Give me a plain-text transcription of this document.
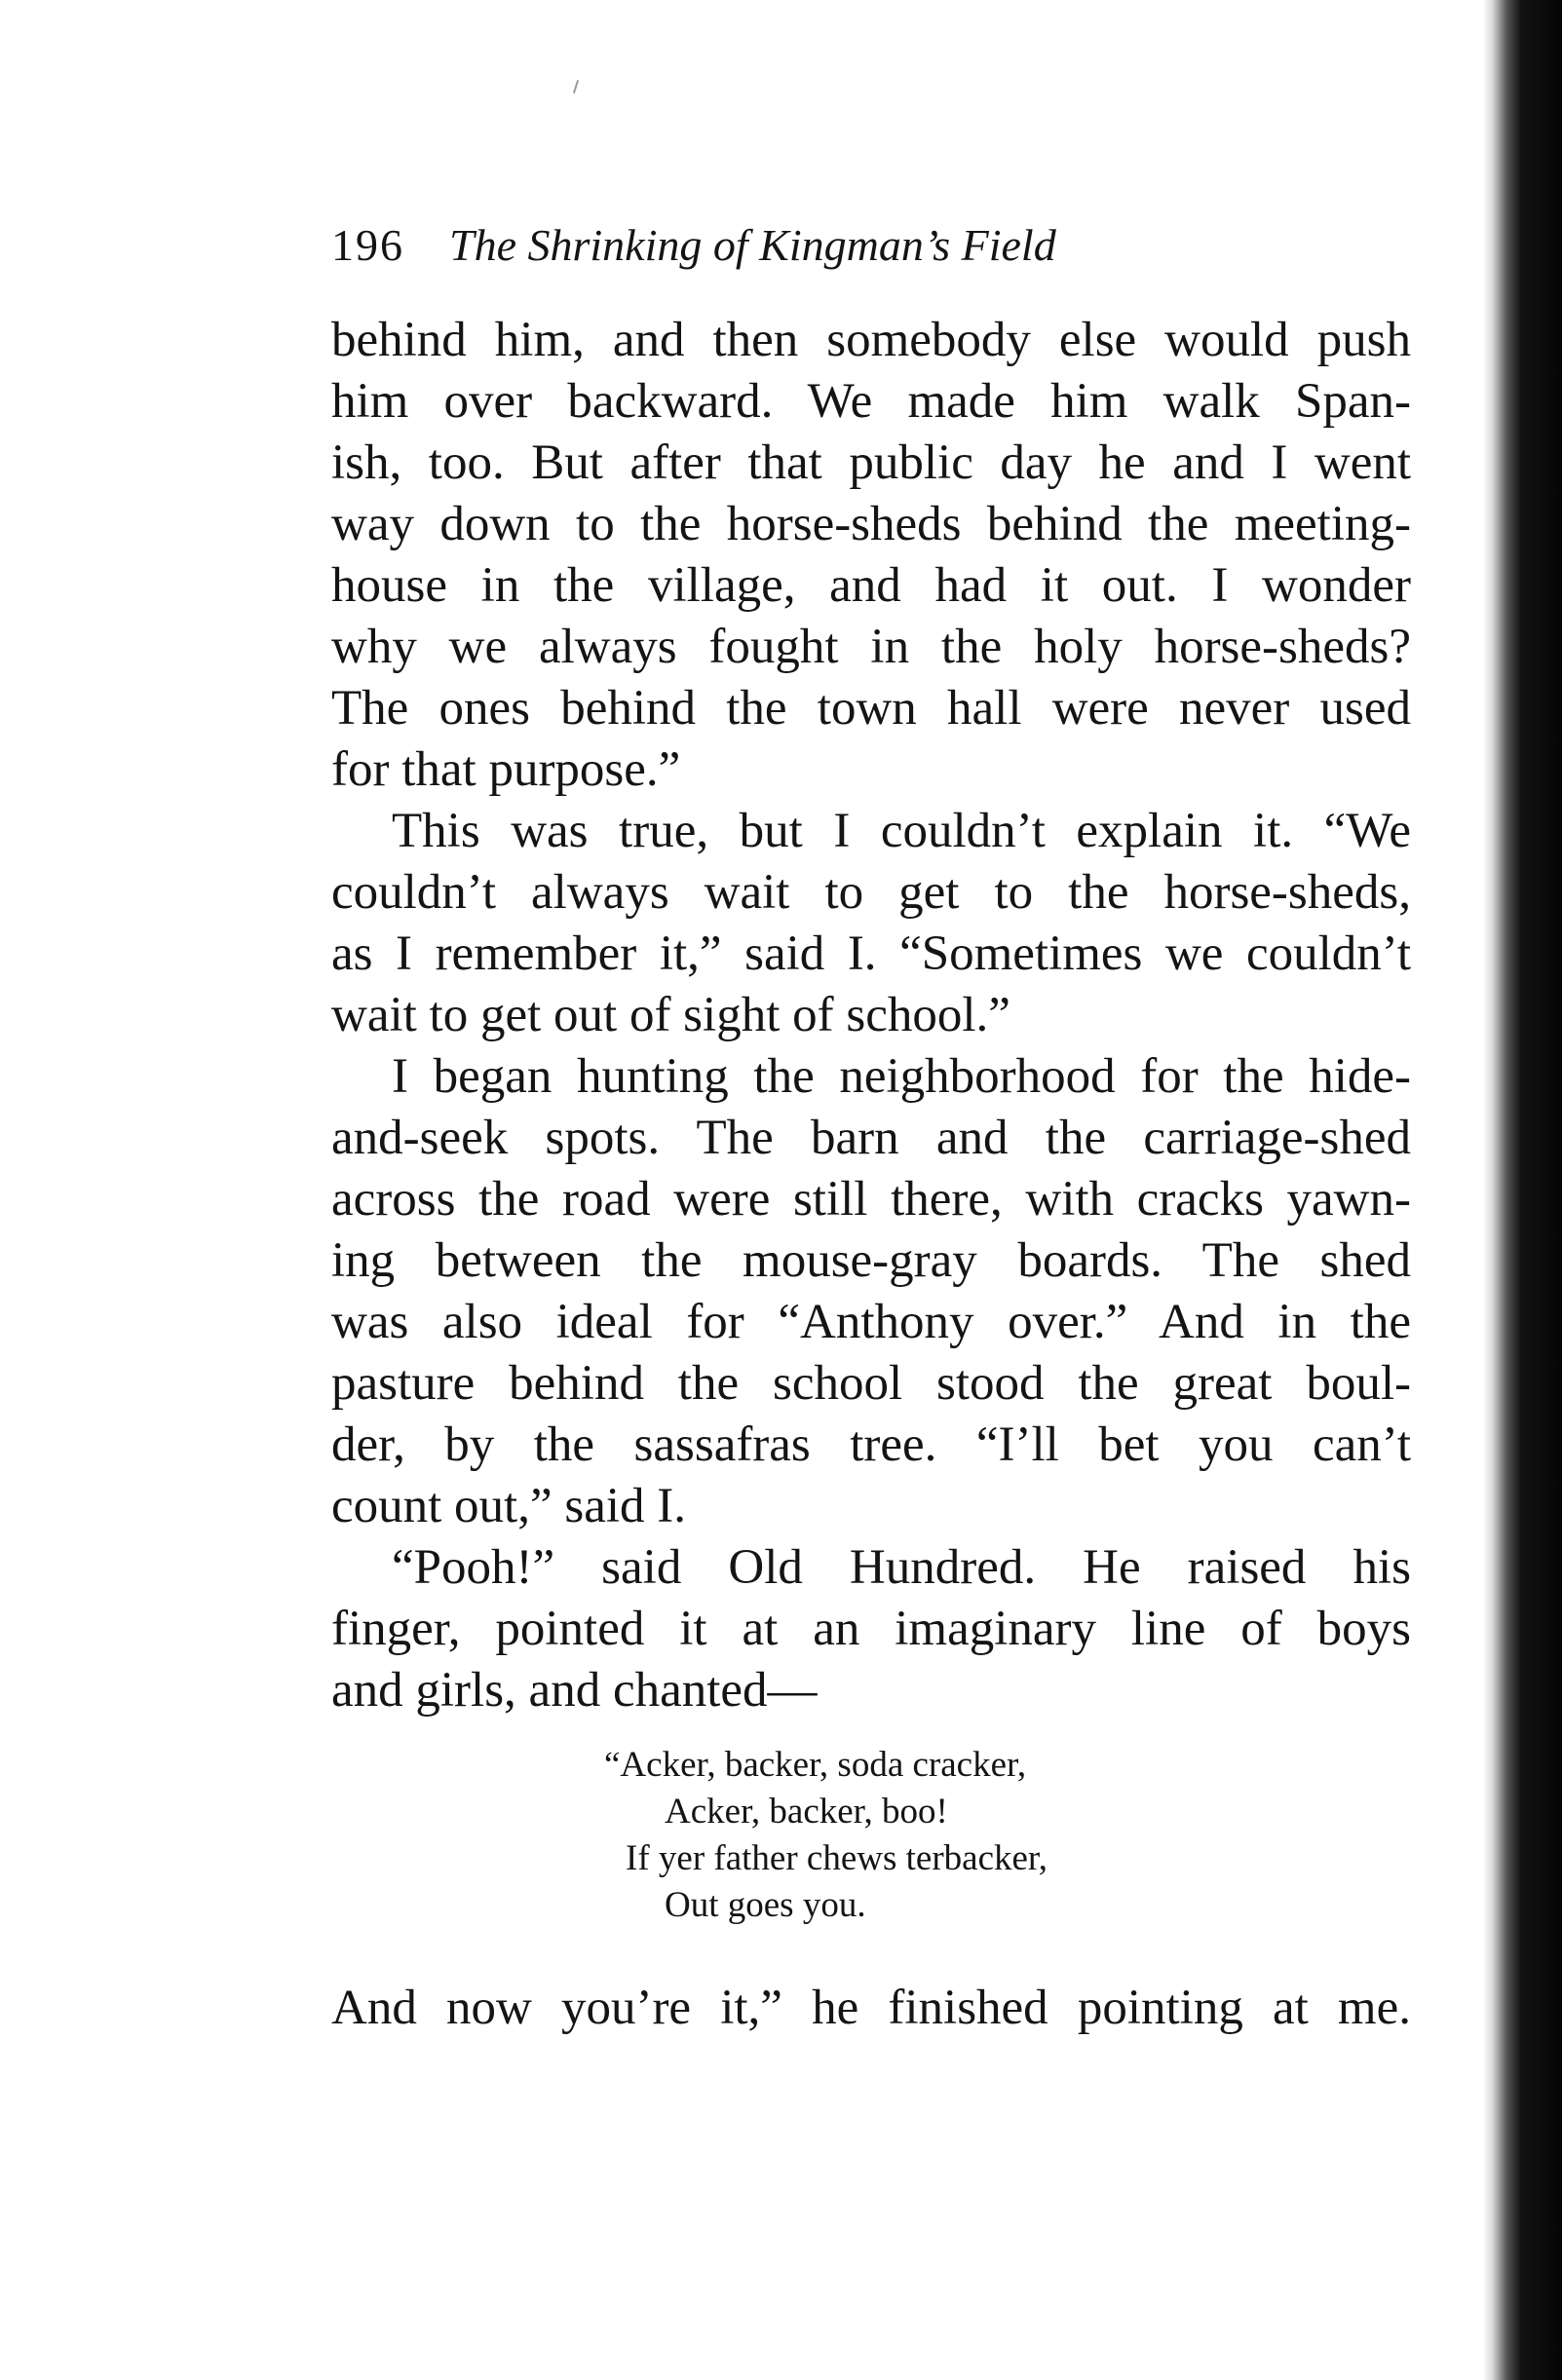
196 The Shrinking of Kingman’s Field

behind him, and then somebody else would push
him over backward. We made him walk Span-
ish, too. But after that public day he and I went
way down to the horse-sheds behind the meeting-
house in the village, and had it out. I wonder
why we always fought in the holy horse-sheds?
The ones behind the town hall were never used
for that purpose.”

This was true, but I couldn’t explain it. “We
couldn’t always wait to get to the horse-sheds,
as I remember it,” said I. “Sometimes we couldn’t
wait to get out of sight of school.”

I began hunting the neighborhood for the hide-
and-seek spots. The barn and the carriage-shed
across the road were still there, with cracks yawn-
ing between the mouse-gray boards. The shed
was also ideal for “Anthony over.” And in the
pasture behind the school stood the great boul-
der, by the sassafras tree. “I’ll bet you can’t
count out,” said I.

“Pooh!” said Old Hundred. He raised his
finger, pointed it at an imaginary line of boys
and girls, and chanted—

“Acker, backer, soda cracker,
Acker, backer, boo!
If yer father chews terbacker,
Out goes you.
And now you’re it,” he finished pointing at me.
